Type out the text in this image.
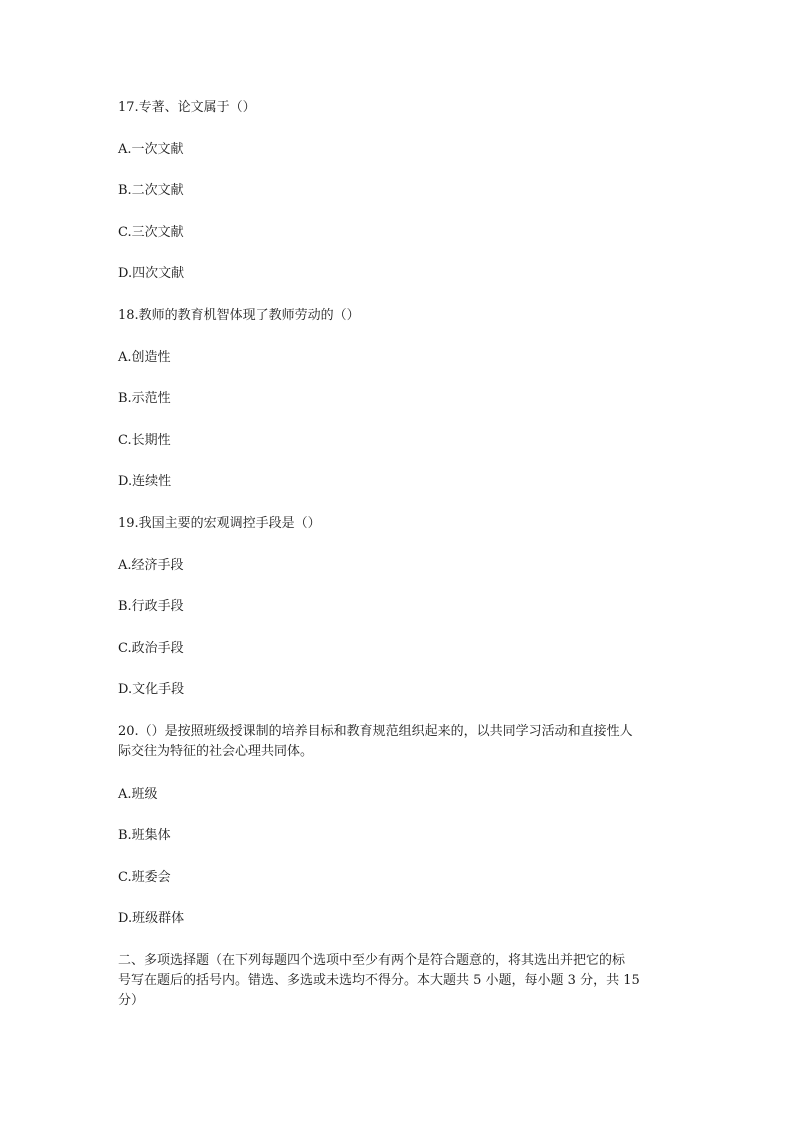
17.专著、论文属于（）
A.一次文献
B.二次文献
C.三次文献
D.四次文献
18.教师的教育机智体现了教师劳动的（）
A.创造性
B.示范性
C.长期性
D.连续性
19.我国主要的宏观调控手段是（）
A.经济手段
B.行政手段
C.政治手段
D.文化手段
20.（）是按照班级授课制的培养目标和教育规范组织起来的，以共同学习活动和直接性人
际交往为特征的社会心理共同体。
A.班级
B.班集体
C.班委会
D.班级群体
二、多项选择题（在下列每题四个选项中至少有两个是符合题意的，将其选出并把它的标
号写在题后的括号内。错选、多选或未选均不得分。本大题共 5 小题，每小题 3 分，共 15
分）
